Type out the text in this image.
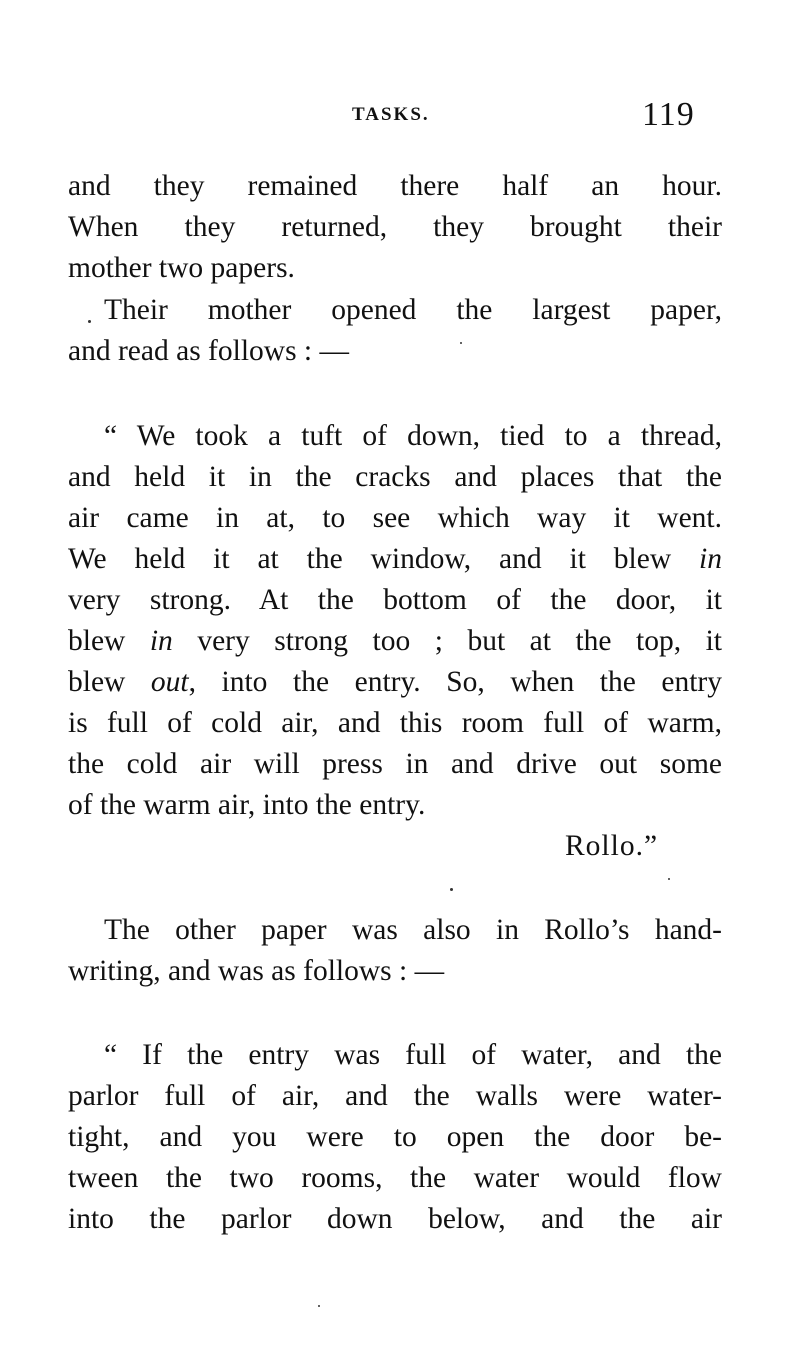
TASKS.	119
and they remained there half an hour.
When they returned, they brought their
mother two papers.
Their mother opened the largest paper,
and read as follows : —
“ We took a tuft of down, tied to a thread,
and held it in the cracks and places that the
air came in at, to see which way it went.
We held it at the window, and it blew in
very strong. At the bottom of the door, it
blew in very strong too ; but at the top, it
blew out, into the entry. So, when the entry
is full of cold air, and this room full of warm,
the cold air will press in and drive out some
of the warm air, into the entry.
Rollo.”
The other paper was also in Rollo’s hand-
writing, and was as follows : —
“ If the entry was full of water, and the
parlor full of air, and the walls were water-
tight, and you were to open the door be-
tween the two rooms, the water would flow
into the parlor down below, and the air
